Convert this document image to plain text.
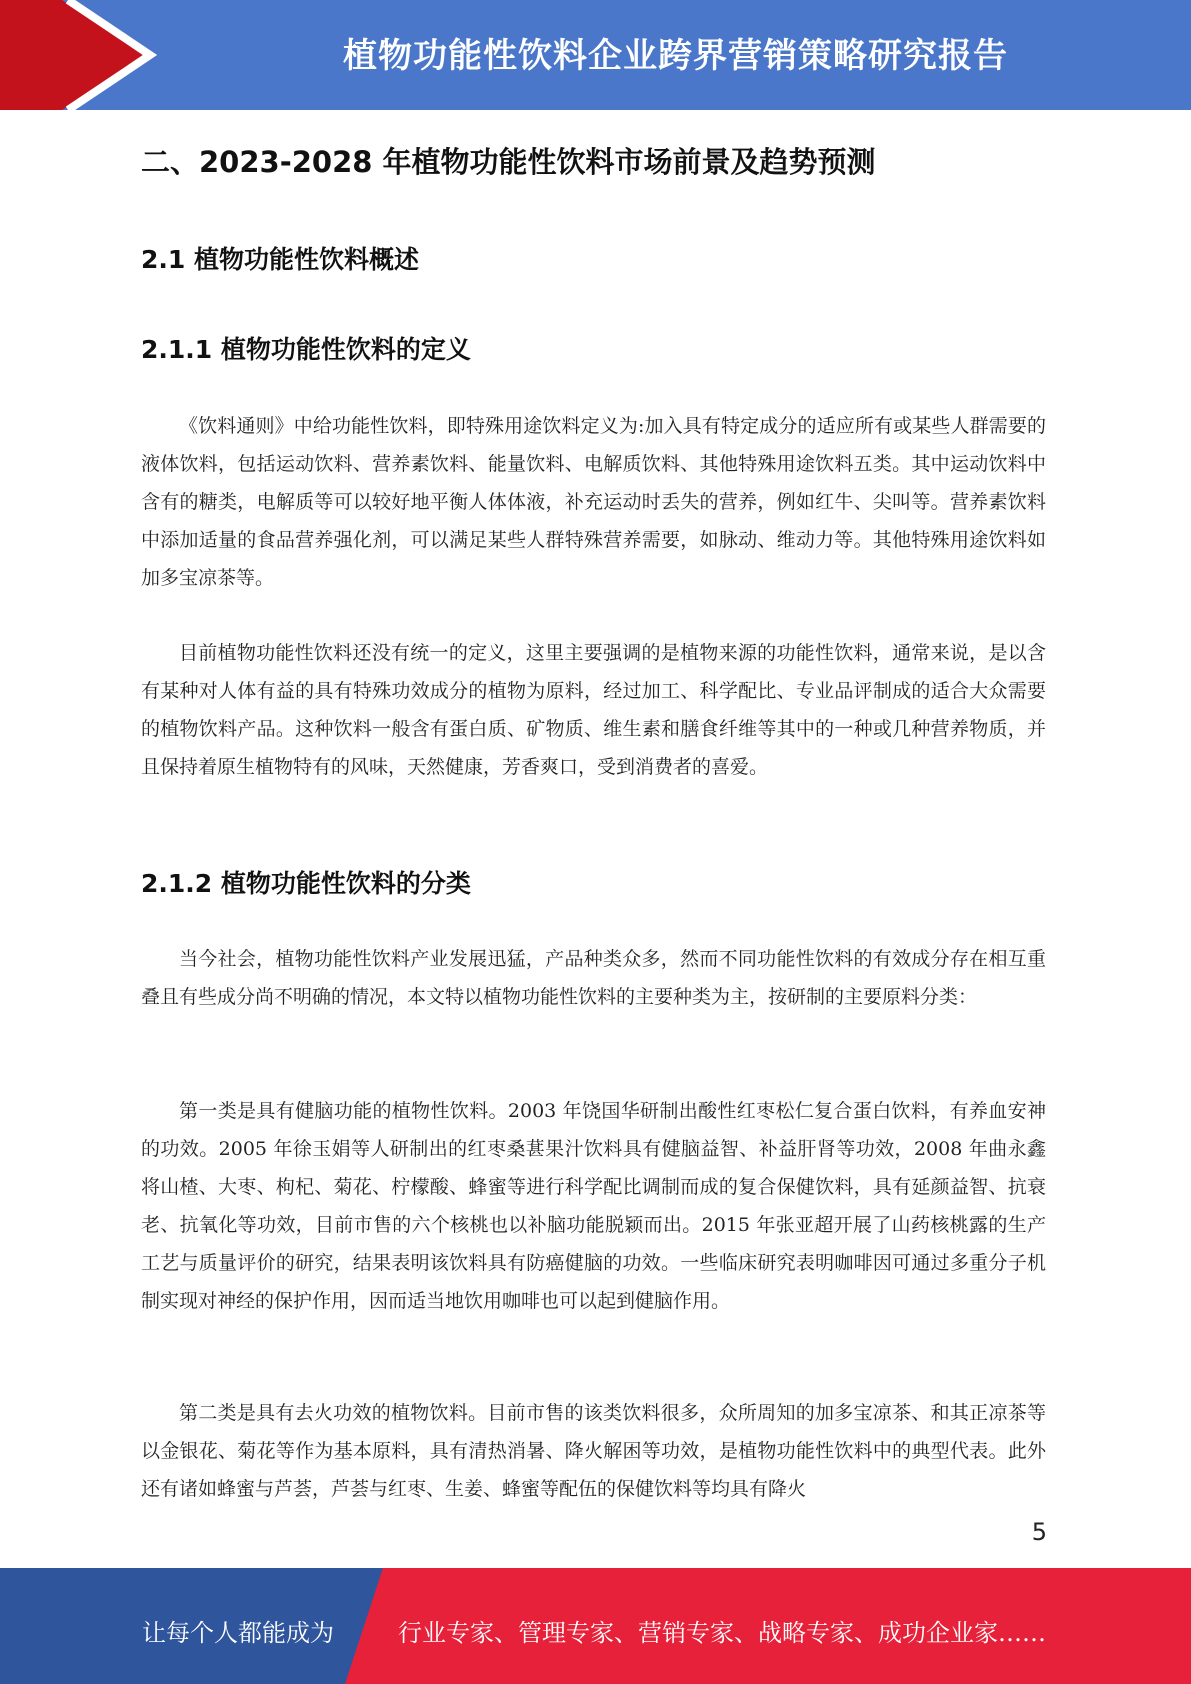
植物功能性饮料企业跨界营销策略研究报告
二、2023-2028 年植物功能性饮料市场前景及趋势预测
2.1 植物功能性饮料概述
2.1.1 植物功能性饮料的定义

《饮料通则》中给功能性饮料，即特殊用途饮料定义为:加入具有特定成分的适应所有或某些人群需要的液体饮料，包括运动饮料、营养素饮料、能量饮料、电解质饮料、其他特殊用途饮料五类。其中运动饮料中含有的糖类，电解质等可以较好地平衡人体体液，补充运动时丢失的营养，例如红牛、尖叫等。营养素饮料中添加适量的食品营养强化剂，可以满足某些人群特殊营养需要，如脉动、维动力等。其他特殊用途饮料如加多宝凉茶等。

目前植物功能性饮料还没有统一的定义，这里主要强调的是植物来源的功能性饮料，通常来说，是以含有某种对人体有益的具有特殊功效成分的植物为原料，经过加工、科学配比、专业品评制成的适合大众需要的植物饮料产品。这种饮料一般含有蛋白质、矿物质、维生素和膳食纤维等其中的一种或几种营养物质，并且保持着原生植物特有的风味，天然健康，芳香爽口，受到消费者的喜爱。

2.1.2 植物功能性饮料的分类

当今社会，植物功能性饮料产业发展迅猛，产品种类众多，然而不同功能性饮料的有效成分存在相互重叠且有些成分尚不明确的情况，本文特以植物功能性饮料的主要种类为主，按研制的主要原料分类：

第一类是具有健脑功能的植物性饮料。2003 年饶国华研制出酸性红枣松仁复合蛋白饮料，有养血安神的功效。2005 年徐玉娟等人研制出的红枣桑葚果汁饮料具有健脑益智、补益肝肾等功效，2008 年曲永鑫将山楂、大枣、枸杞、菊花、柠檬酸、蜂蜜等进行科学配比调制而成的复合保健饮料，具有延颜益智、抗衰老、抗氧化等功效，目前市售的六个核桃也以补脑功能脱颖而出。2015 年张亚超开展了山药核桃露的生产工艺与质量评价的研究，结果表明该饮料具有防癌健脑的功效。一些临床研究表明咖啡因可通过多重分子机制实现对神经的保护作用，因而适当地饮用咖啡也可以起到健脑作用。

第二类是具有去火功效的植物饮料。目前市售的该类饮料很多，众所周知的加多宝凉茶、和其正凉茶等以金银花、菊花等作为基本原料，具有清热消暑、降火解困等功效，是植物功能性饮料中的典型代表。此外还有诸如蜂蜜与芦荟，芦荟与红枣、生姜、蜂蜜等配伍的保健饮料等均具有降火

5
让每个人都能成为	行业专家、管理专家、营销专家、战略专家、成功企业家……
